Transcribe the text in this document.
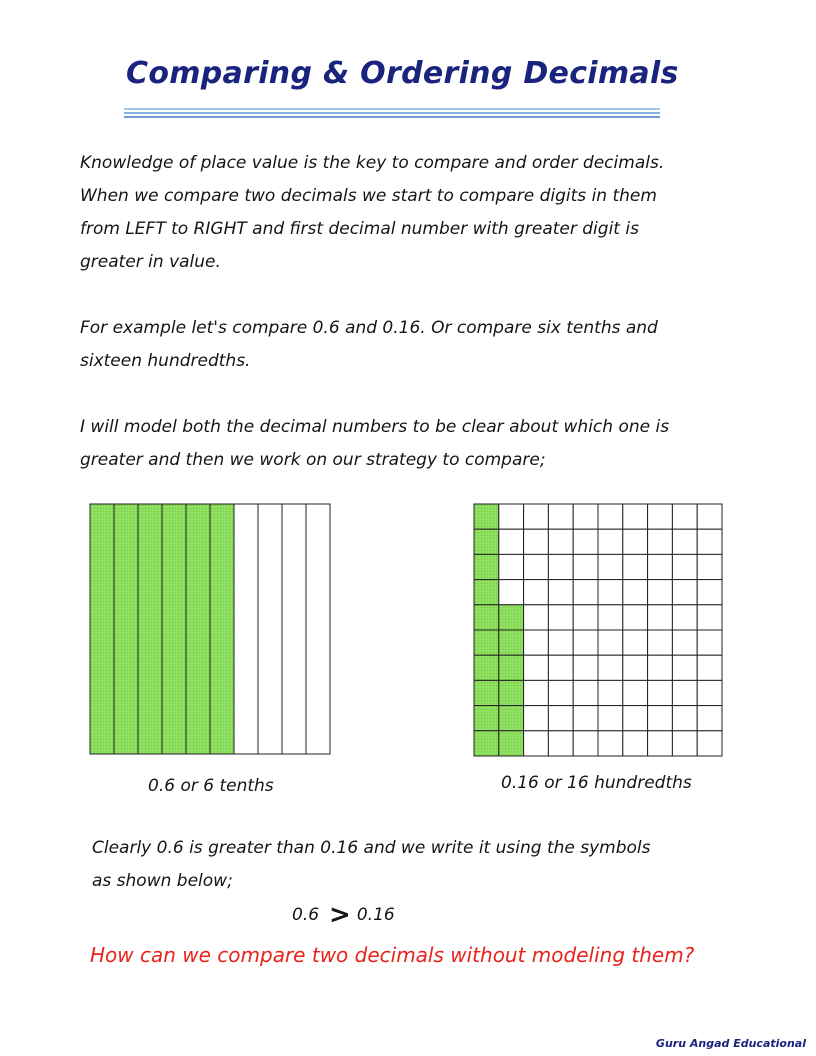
Comparing & Ordering Decimals

Knowledge of place value is the key to compare and order decimals.
When we compare two decimals we start to compare digits in them
from LEFT to RIGHT and first decimal number with greater digit is
greater in value.

For example let's compare 0.6 and 0.16. Or compare six tenths and
sixteen hundredths.

I will model both the decimal numbers to be clear about which one is
greater and then we work on our strategy to compare;

0.6 or 6 tenths	0.16 or 16 hundredths

Clearly 0.6 is greater than 0.16 and we write it using the symbols
as shown below;

0.6 > 0.16

How can we compare two decimals without modeling them?

Guru Angad Educational
